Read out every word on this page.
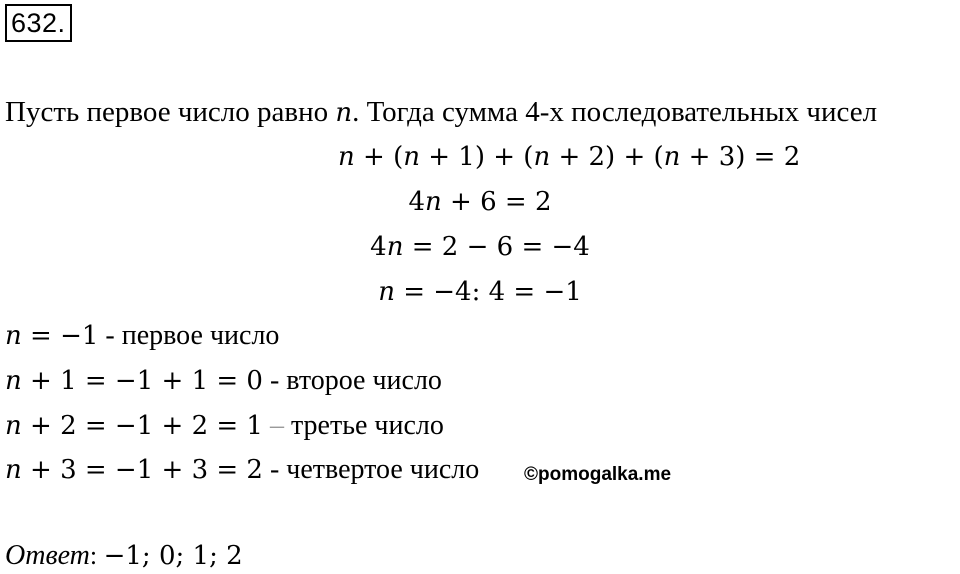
632.
Пусть первое число равно n. Тогда сумма 4-х последовательных чисел
n + (n + 1) + (n + 2) + (n + 3) = 2
4n + 6 = 2
4n = 2 − 6 = −4
n = −4: 4 = −1
n = −1 - первое число
n + 1 = −1 + 1 = 0 - второе число
n + 2 = −1 + 2 = 1 – третье число
n + 3 = −1 + 3 = 2 - четвертое число ©pomogalka.me
Ответ: −1; 0; 1; 2
